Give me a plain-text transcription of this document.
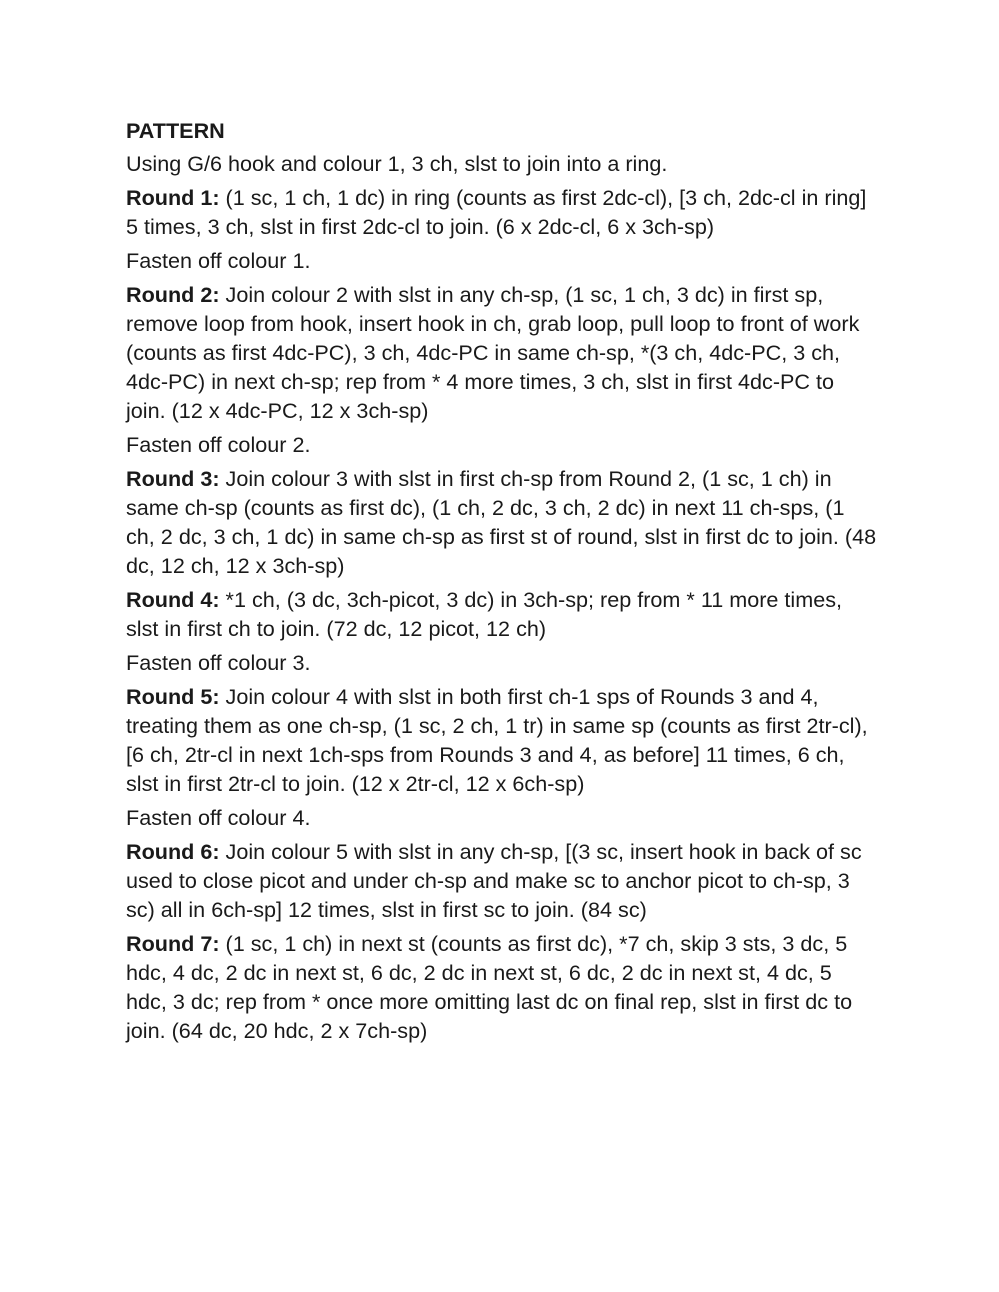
PATTERN
Using G/6 hook and colour 1, 3 ch, slst to join into a ring.
Round 1: (1 sc, 1 ch, 1 dc) in ring (counts as first 2dc-cl), [3 ch, 2dc-cl in ring] 5 times, 3 ch, slst in first 2dc-cl to join. (6 x 2dc-cl, 6 x 3ch-sp)
Fasten off colour 1.
Round 2: Join colour 2 with slst in any ch-sp, (1 sc, 1 ch, 3 dc) in first sp, remove loop from hook, insert hook in ch, grab loop, pull loop to front of work (counts as first 4dc-PC), 3 ch, 4dc-PC in same ch-sp, *(3 ch, 4dc-PC, 3 ch, 4dc-PC) in next ch-sp; rep from * 4 more times, 3 ch, slst in first 4dc-PC to join. (12 x 4dc-PC, 12 x 3ch-sp)
Fasten off colour 2.
Round 3: Join colour 3 with slst in first ch-sp from Round 2, (1 sc, 1 ch) in same ch-sp (counts as first dc), (1 ch, 2 dc, 3 ch, 2 dc) in next 11 ch-sps, (1 ch, 2 dc, 3 ch, 1 dc) in same ch-sp as first st of round, slst in first dc to join. (48 dc, 12 ch, 12 x 3ch-sp)
Round 4: *1 ch, (3 dc, 3ch-picot, 3 dc) in 3ch-sp; rep from * 11 more times, slst in first ch to join. (72 dc, 12 picot, 12 ch)
Fasten off colour 3.
Round 5: Join colour 4 with slst in both first ch-1 sps of Rounds 3 and 4, treating them as one ch-sp, (1 sc, 2 ch, 1 tr) in same sp (counts as first 2tr-cl), [6 ch, 2tr-cl in next 1ch-sps from Rounds 3 and 4, as before] 11 times, 6 ch, slst in first 2tr-cl to join. (12 x 2tr-cl, 12 x 6ch-sp)
Fasten off colour 4.
Round 6: Join colour 5 with slst in any ch-sp, [(3 sc, insert hook in back of sc used to close picot and under ch-sp and make sc to anchor picot to ch-sp, 3 sc) all in 6ch-sp] 12 times, slst in first sc to join. (84 sc)
Round 7: (1 sc, 1 ch) in next st (counts as first dc), *7 ch, skip 3 sts, 3 dc, 5 hdc, 4 dc, 2 dc in next st, 6 dc, 2 dc in next st, 6 dc, 2 dc in next st, 4 dc, 5 hdc, 3 dc; rep from * once more omitting last dc on final rep, slst in first dc to join. (64 dc, 20 hdc, 2 x 7ch-sp)
